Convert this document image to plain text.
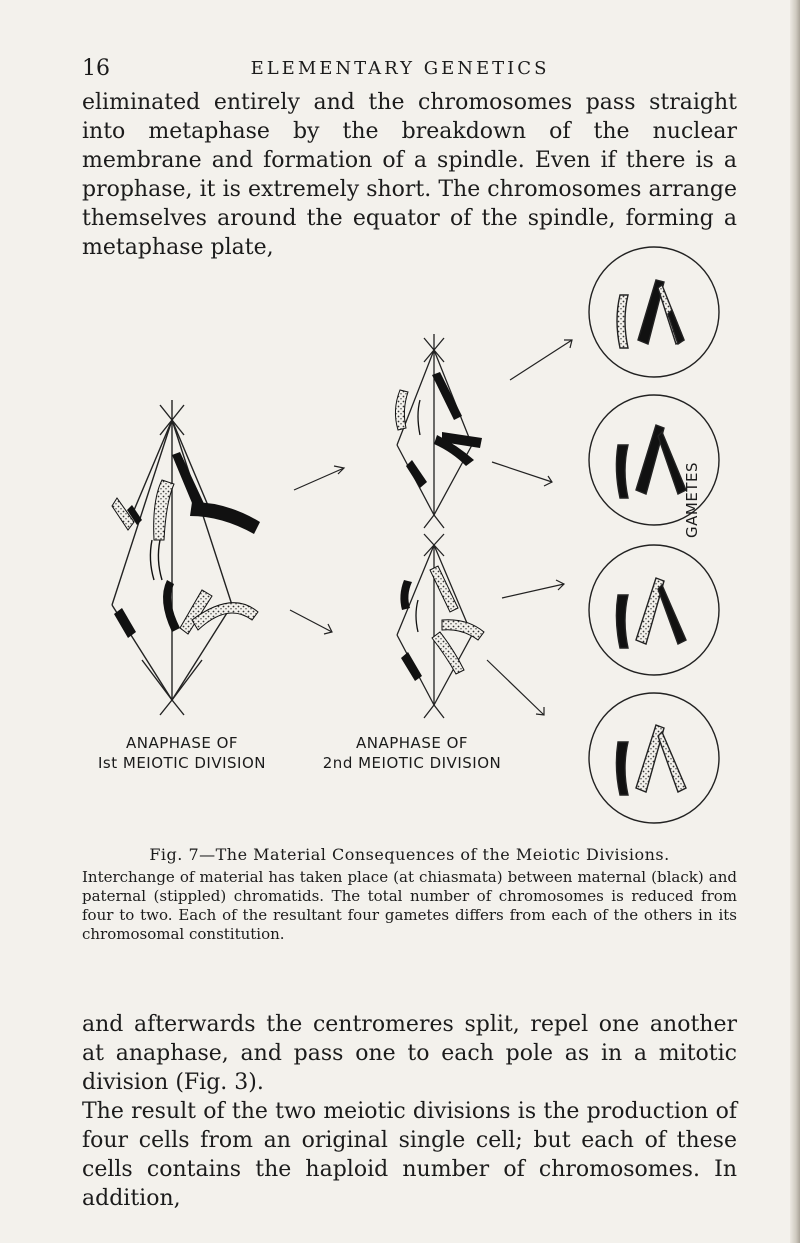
16	ELEMENTARY GENETICS
eliminated entirely and the chromosomes pass straight into metaphase by the breakdown of the nuclear membrane and formation of a spindle. Even if there is a prophase, it is extremely short. The chromosomes arrange themselves around the equator of the spindle, forming a metaphase plate,
ANAPHASE OF
Ist MEIOTIC DIVISION
ANAPHASE OF
2nd MEIOTIC DIVISION
GAMETES
Fig. 7—The Material Consequences of the Meiotic Divisions.
Interchange of material has taken place (at chiasmata) between maternal (black) and paternal (stippled) chromatids. The total number of chromosomes is reduced from four to two. Each of the resultant four gametes differs from each of the others in its chromosomal constitution.

and afterwards the centromeres split, repel one another at anaphase, and pass one to each pole as in a mitotic division (Fig. 3).

The result of the two meiotic divisions is the production of four cells from an original single cell; but each of these cells contains the haploid number of chromosomes. In addition,
